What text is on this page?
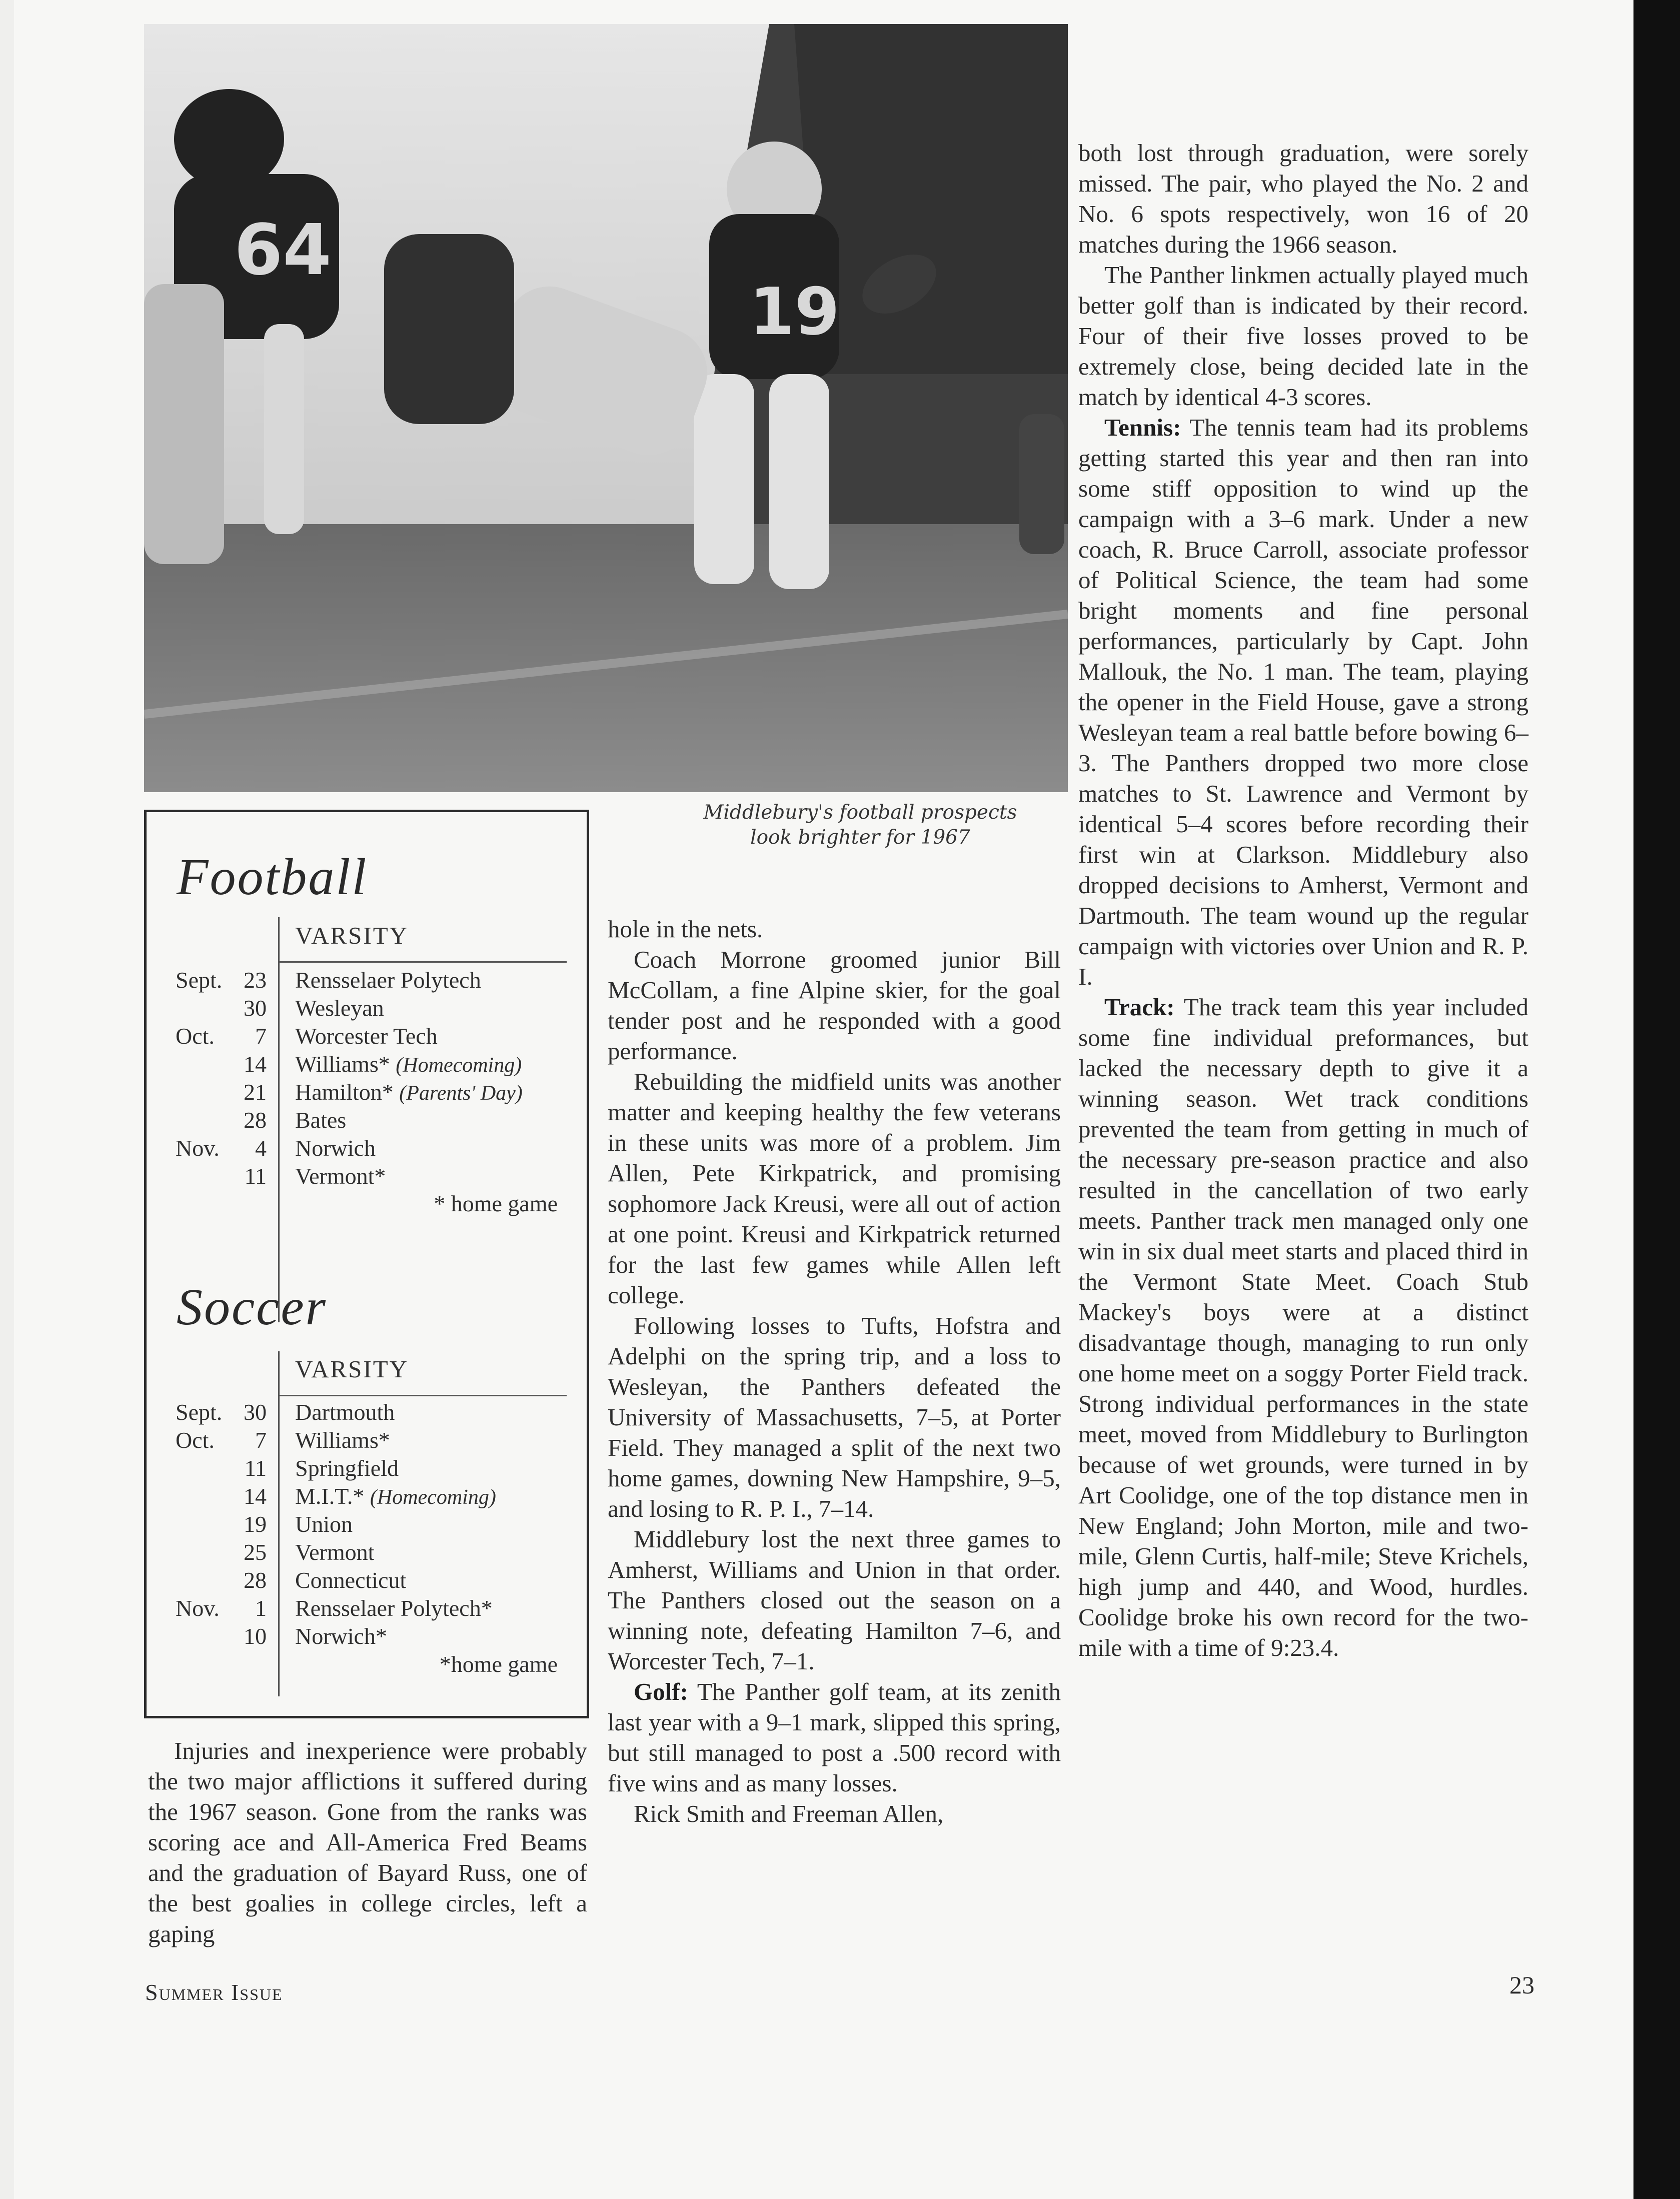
64
19
Middlebury's football prospects
look brighter for 1967
Football
VARSITY
Sept. 23 Rensselaer Polytech
30 Wesleyan
Oct.	7 Worcester Tech
14 Williams* (Homecoming)
21 Hamilton* (Parents' Day)
28 Bates
Nov.	4 Norwich
11 Vermont*
* home game
Soccer
VARSITY
Sept. 30 Dartmouth
Oct.	7 Williams*
11 Springfield
14 M.I.T.* (Homecoming)
19 Union
25 Vermont
28 Connecticut
Nov.	1 Rensselaer Polytech*
10 Norwich*
*home game

Injuries and inexperience were probably the two major afflictions it suffered during the 1967 season. Gone from the ranks was scoring ace and All-America Fred Beams and the graduation of Bayard Russ, one of the best goalies in college circles, left a gaping

hole in the nets.

Coach Morrone groomed junior Bill McCollam, a fine Alpine skier, for the goal tender post and he responded with a good performance.

Rebuilding the midfield units was another matter and keeping healthy the few veterans in these units was more of a problem. Jim Allen, Pete Kirkpatrick, and promising sophomore Jack Kreusi, were all out of action at one point. Kreusi and Kirkpatrick returned for the last few games while Allen left college.

Following losses to Tufts, Hofstra and Adelphi on the spring trip, and a loss to Wesleyan, the Panthers defeated the University of Massachusetts, 7–5, at Porter Field. They managed a split of the next two home games, downing New Hampshire, 9–5, and losing to R. P. I., 7–14.

Middlebury lost the next three games to Amherst, Williams and Union in that order. The Panthers closed out the season on a winning note, defeating Hamilton 7–6, and Worcester Tech, 7–1.

Golf: The Panther golf team, at its zenith last year with a 9–1 mark, slipped this spring, but still managed to post a .500 record with five wins and as many losses.

Rick Smith and Freeman Allen,

both lost through graduation, were sorely missed. The pair, who played the No. 2 and No. 6 spots respectively, won 16 of 20 matches during the 1966 season.

The Panther linkmen actually played much better golf than is indicated by their record. Four of their five losses proved to be extremely close, being decided late in the match by identical 4-3 scores.

Tennis: The tennis team had its problems getting started this year and then ran into some stiff opposition to wind up the campaign with a 3–6 mark. Under a new coach, R. Bruce Carroll, associate professor of Political Science, the team had some bright moments and fine personal performances, particularly by Capt. John Mallouk, the No. 1 man. The team, playing the opener in the Field House, gave a strong Wesleyan team a real battle before bowing 6–3. The Panthers dropped two more close matches to St. Lawrence and Vermont by identical 5–4 scores before recording their first win at Clarkson. Middlebury also dropped decisions to Amherst, Vermont and Dartmouth. The team wound up the regular campaign with victories over Union and R. P. I.

Track: The track team this year included some fine individual preformances, but lacked the necessary depth to give it a winning season. Wet track conditions prevented the team from getting in much of the necessary pre-season practice and also resulted in the cancellation of two early meets. Panther track men managed only one win in six dual meet starts and placed third in the Vermont State Meet. Coach Stub Mackey's boys were at a distinct disadvantage though, managing to run only one home meet on a soggy Porter Field track. Strong individual performances in the state meet, moved from Middlebury to Burlington because of wet grounds, were turned in by Art Coolidge, one of the top distance men in New England; John Morton, mile and two-mile, Glenn Curtis, half-mile; Steve Krichels, high jump and 440, and Wood, hurdles. Coolidge broke his own record for the two-mile with a time of 9:23.4.

Summer Issue	23
